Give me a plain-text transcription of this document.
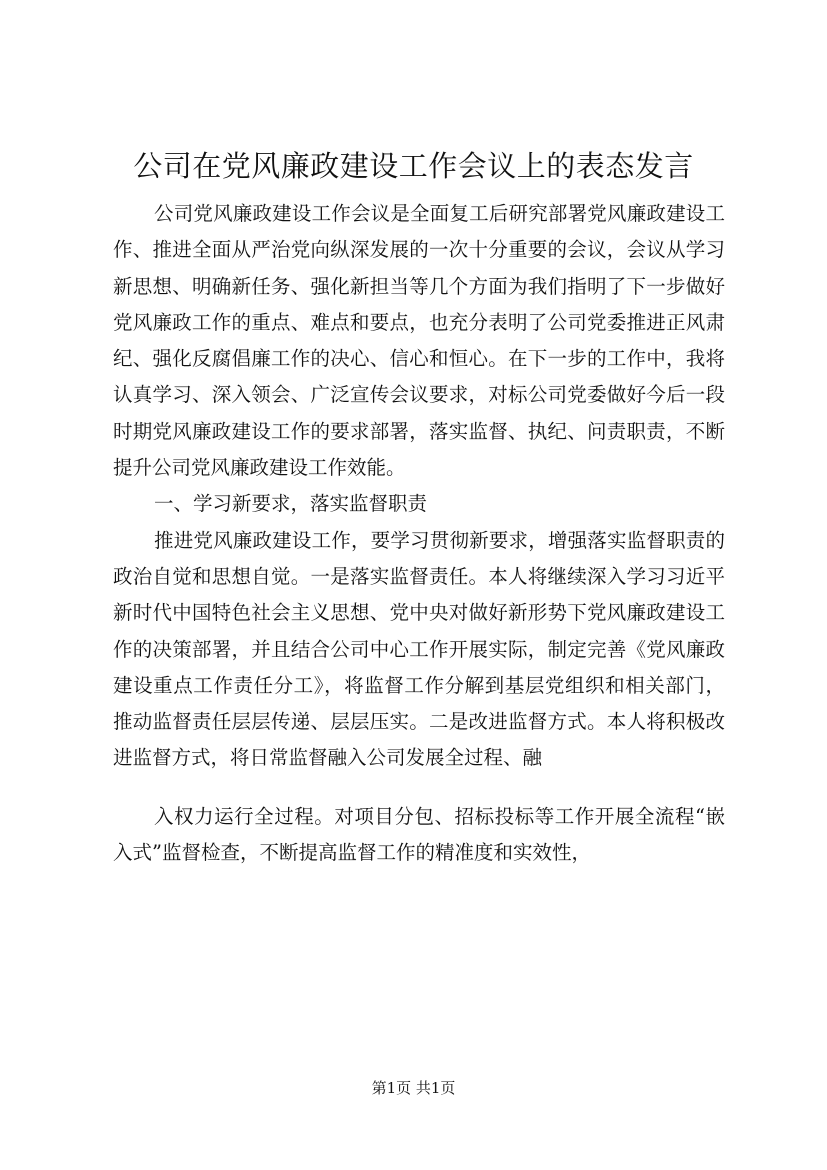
公司在党风廉政建设工作会议上的表态发言

公司党风廉政建设工作会议是全面复工后研究部署党风廉政建设工作、推进全面从严治党向纵深发展的一次十分重要的会议，会议从学习新思想、明确新任务、强化新担当等几个方面为我们指明了下一步做好党风廉政工作的重点、难点和要点，也充分表明了公司党委推进正风肃纪、强化反腐倡廉工作的决心、信心和恒心。在下一步的工作中，我将认真学习、深入领会、广泛宣传会议要求，对标公司党委做好今后一段时期党风廉政建设工作的要求部署，落实监督、执纪、问责职责，不断提升公司党风廉政建设工作效能。

一、学习新要求，落实监督职责

推进党风廉政建设工作，要学习贯彻新要求，增强落实监督职责的政治自觉和思想自觉。一是落实监督责任。本人将继续深入学习习近平新时代中国特色社会主义思想、党中央对做好新形势下党风廉政建设工作的决策部署，并且结合公司中心工作开展实际，制定完善《党风廉政建设重点工作责任分工》，将监督工作分解到基层党组织和相关部门，推动监督责任层层传递、层层压实。二是改进监督方式。本人将积极改进监督方式，将日常监督融入公司发展全过程、融

入权力运行全过程。对项目分包、招标投标等工作开展全流程“嵌入式”监督检查，不断提高监督工作的精准度和实效性，

第1页 共1页
